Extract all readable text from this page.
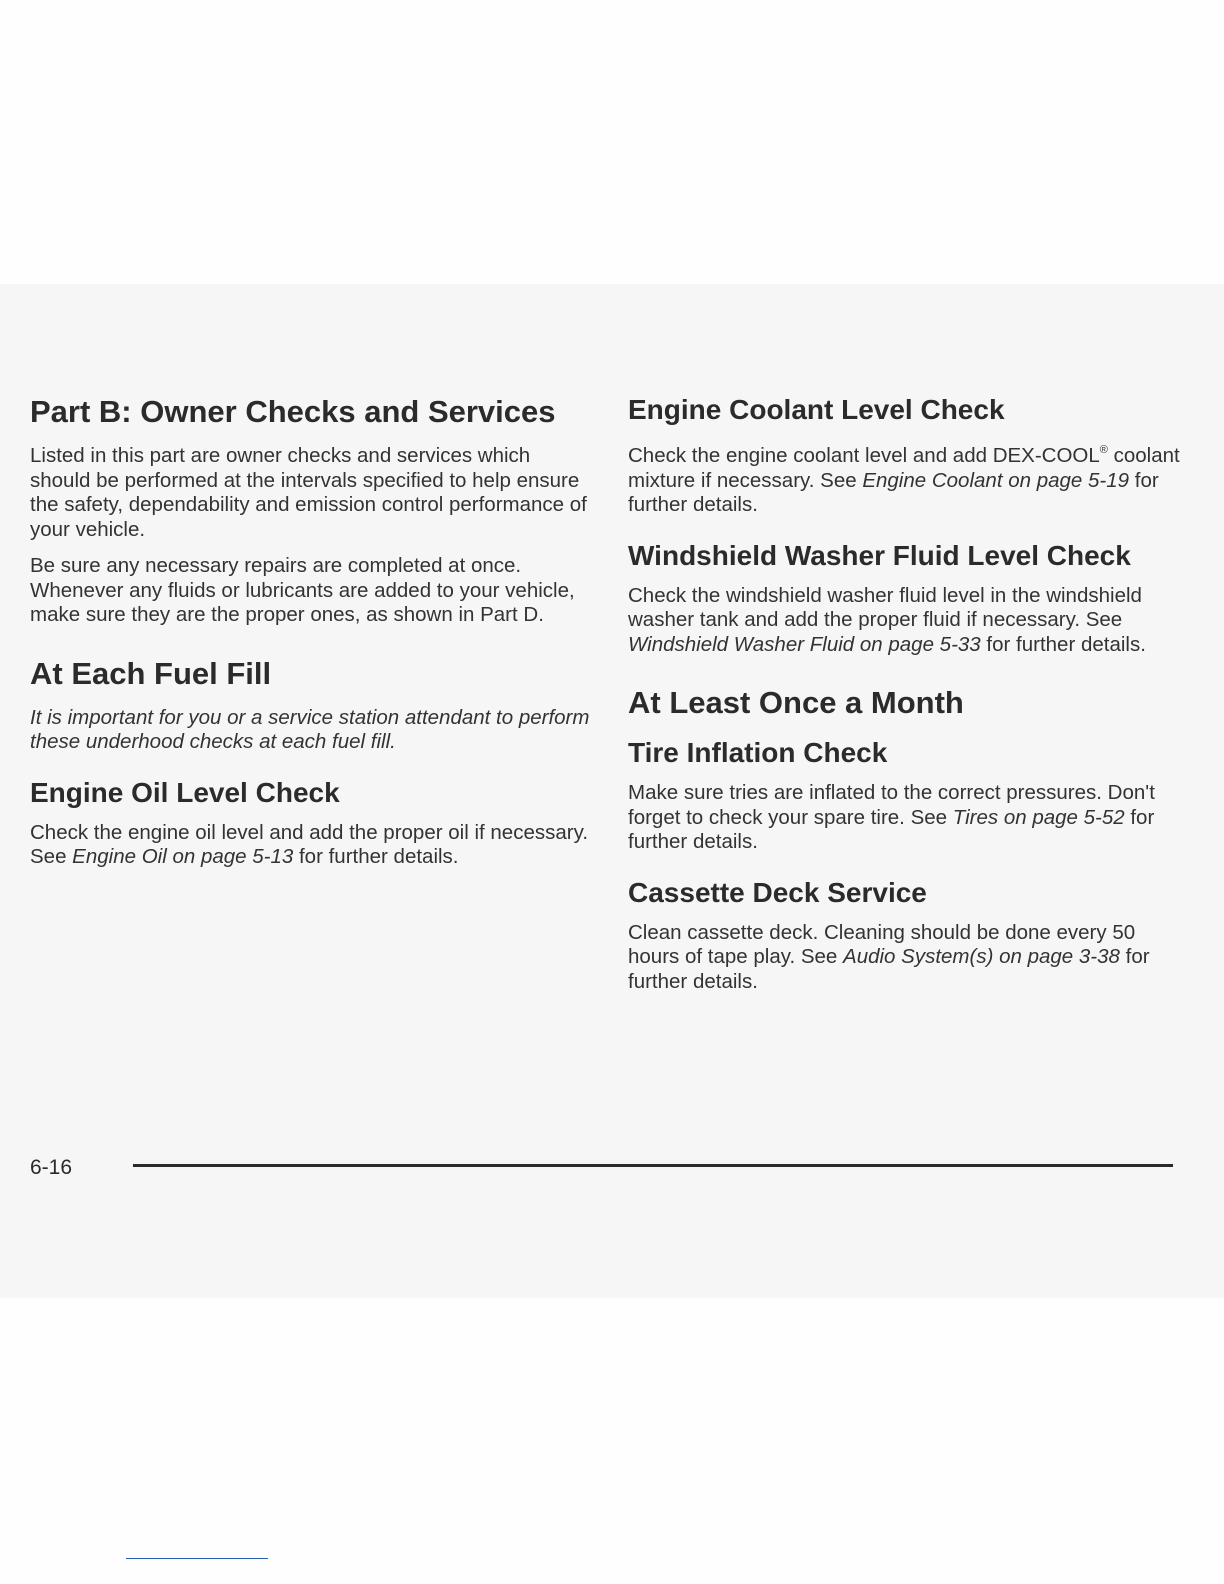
Part B: Owner Checks and Services

Listed in this part are owner checks and services which should be performed at the intervals specified to help ensure the safety, dependability and emission control performance of your vehicle.

Be sure any necessary repairs are completed at once. Whenever any fluids or lubricants are added to your vehicle, make sure they are the proper ones, as shown in Part D.

At Each Fuel Fill

It is important for you or a service station attendant to perform these underhood checks at each fuel fill.

Engine Oil Level Check

Check the engine oil level and add the proper oil if necessary. See Engine Oil on page 5-13 for further details.

Engine Coolant Level Check

Check the engine coolant level and add DEX-COOL® coolant mixture if necessary. See Engine Coolant on page 5-19 for further details.

Windshield Washer Fluid Level Check

Check the windshield washer fluid level in the windshield washer tank and add the proper fluid if necessary. See Windshield Washer Fluid on page 5-33 for further details.

At Least Once a Month
Tire Inflation Check

Make sure tries are inflated to the correct pressures. Don't forget to check your spare tire. See Tires on page 5-52 for further details.

Cassette Deck Service

Clean cassette deck. Cleaning should be done every 50 hours of tape play. See Audio System(s) on page 3-38 for further details.

6-16
